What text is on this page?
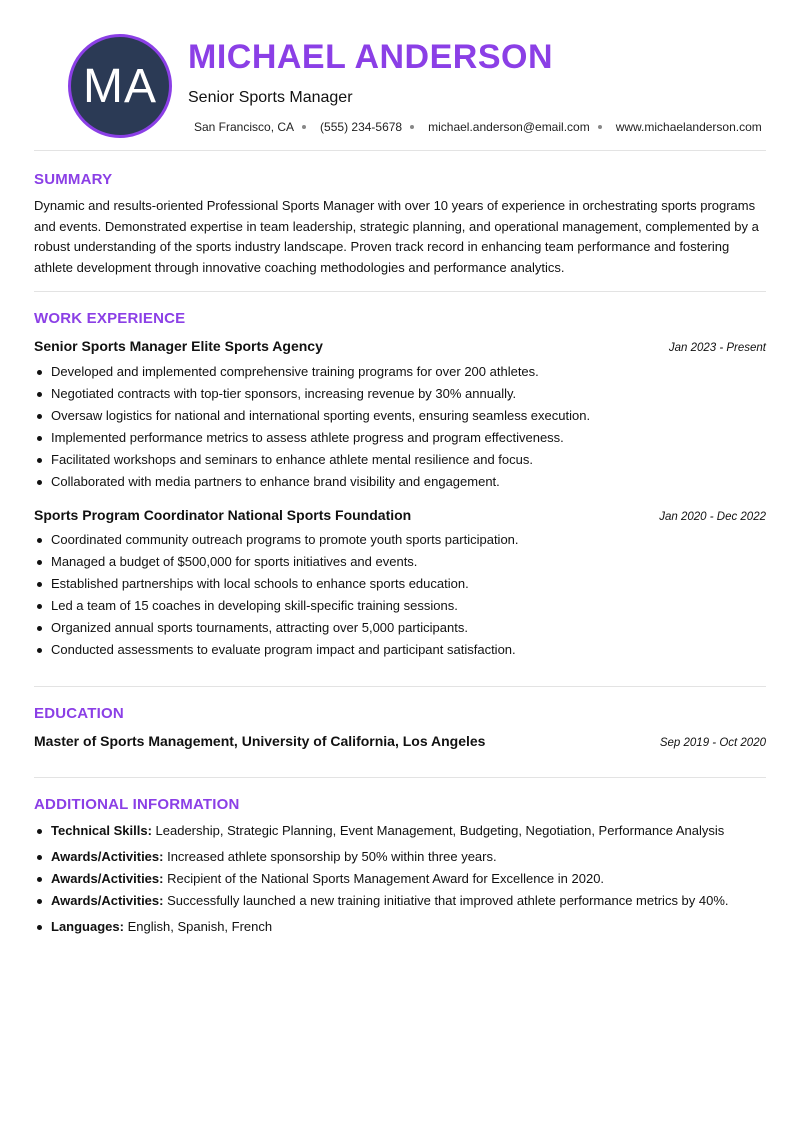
MA
MICHAEL ANDERSON
Senior Sports Manager
San Francisco, CA (555) 234-5678 michael.anderson@email.com www.michaelanderson.com
SUMMARY

Dynamic and results-oriented Professional Sports Manager with over 10 years of experience in orchestrating sports programs and events. Demonstrated expertise in team leadership, strategic planning, and operational management, complemented by a robust understanding of the sports industry landscape. Proven track record in enhancing team performance and fostering athlete development through innovative coaching methodologies and performance analytics.

WORK EXPERIENCE
Senior Sports Manager Elite Sports Agency	Jan 2023 - Present
Developed and implemented comprehensive training programs for over 200 athletes.
Negotiated contracts with top-tier sponsors, increasing revenue by 30% annually.
Oversaw logistics for national and international sporting events, ensuring seamless execution.
Implemented performance metrics to assess athlete progress and program effectiveness.
Facilitated workshops and seminars to enhance athlete mental resilience and focus.
Collaborated with media partners to enhance brand visibility and engagement.
Sports Program Coordinator National Sports Foundation	Jan 2020 - Dec 2022
Coordinated community outreach programs to promote youth sports participation.
Managed a budget of $500,000 for sports initiatives and events.
Established partnerships with local schools to enhance sports education.
Led a team of 15 coaches in developing skill-specific training sessions.
Organized annual sports tournaments, attracting over 5,000 participants.
Conducted assessments to evaluate program impact and participant satisfaction.
EDUCATION
Master of Sports Management, University of California, Los Angeles	Sep 2019 - Oct 2020
ADDITIONAL INFORMATION
Technical Skills: Leadership, Strategic Planning, Event Management, Budgeting, Negotiation, Performance Analysis
Awards/Activities: Increased athlete sponsorship by 50% within three years.
Awards/Activities: Recipient of the National Sports Management Award for Excellence in 2020.
Awards/Activities: Successfully launched a new training initiative that improved athlete performance metrics by 40%.
Languages: English, Spanish, French
